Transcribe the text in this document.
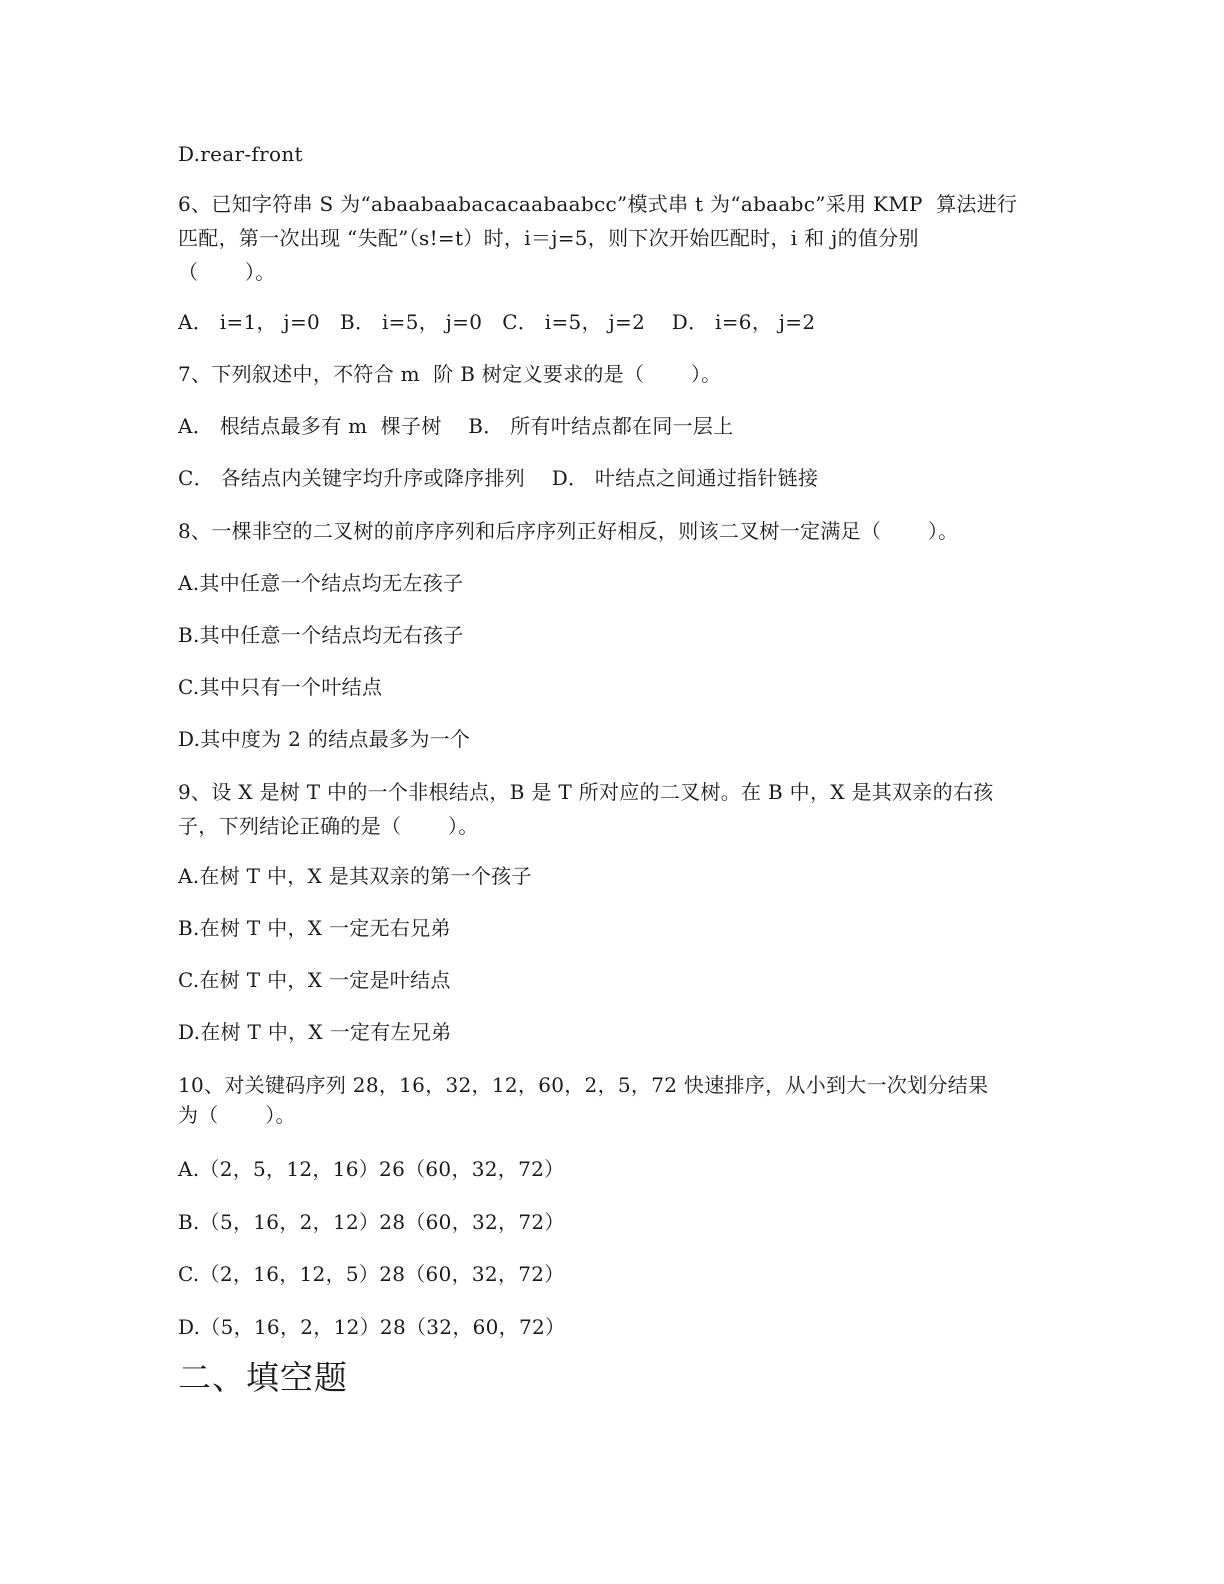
D.rear-front
6、已知字符串 S 为“abaabaabacacaabaabcc”模式串 t 为“abaabc”采用 KMP  算法进行
匹配，第一次出现 “失配”（s!=t）时，i＝j=5，则下次开始匹配时，i 和 j的值分别
（       ）。
A． i=1， j=0   B． i=5， j=0   C． i=5， j=2    D． i=6， j=2
7、下列叙述中，不符合 m  阶 B 树定义要求的是（       ）。
A． 根结点最多有 m  棵子树    B． 所有叶结点都在同一层上
C． 各结点内关键字均升序或降序排列    D． 叶结点之间通过指针链接
8、一棵非空的二叉树的前序序列和后序序列正好相反，则该二叉树一定满足（       ）。
A.其中任意一个结点均无左孩子
B.其中任意一个结点均无右孩子
C.其中只有一个叶结点
D.其中度为 2 的结点最多为一个
9、设 X 是树 T 中的一个非根结点，B 是 T 所对应的二叉树。在 B 中，X 是其双亲的右孩
子，下列结论正确的是（       ）。
A.在树 T 中，X 是其双亲的第一个孩子
B.在树 T 中，X 一定无右兄弟
C.在树 T 中，X 一定是叶结点
D.在树 T 中，X 一定有左兄弟
10、对关键码序列 28，16，32，12，60，2，5，72 快速排序，从小到大一次划分结果
为（       ）。
A.（2，5，12，16）26（60，32，72）
B.（5，16，2，12）28（60，32，72）
C.（2，16，12，5）28（60，32，72）
D.（5，16，2，12）28（32，60，72）
二、填空题
